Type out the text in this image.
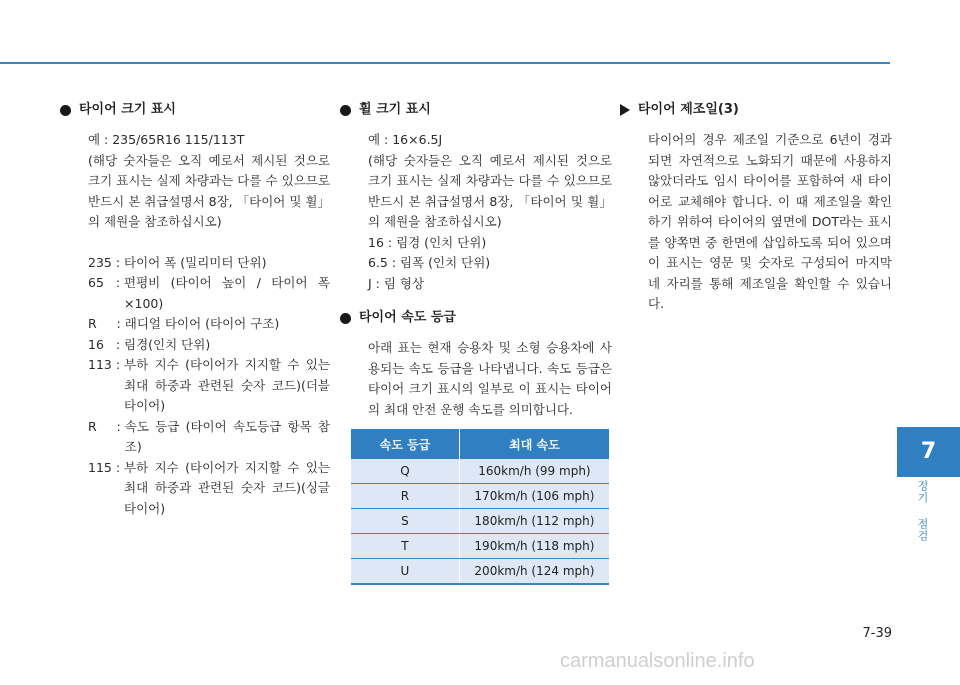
타이어 크기 표시

예 : 235/65R16 115/113T

(해당 숫자들은 오직 예로서 제시된 것으로 크기 표시는 실제 차량과는 다를 수 있으므로 반드시 본 취급설명서 8장, 「타이어 및 휠」의 제원을 참조하십시오)

235 : 타이어 폭 (밀리미터 단위)
65   : 편평비 (타이어 높이 / 타이어 폭×100)
R     : 래디얼 타이어 (타이어 구조)
16   : 림경(인치 단위)
113 : 부하 지수 (타이어가 지지할 수 있는 최대 하중과 관련된 숫자 코드)(더블 타이어)
R     : 속도 등급 (타이어 속도등급 항목 참조)
115 : 부하 지수 (타이어가 지지할 수 있는 최대 하중과 관련된 숫자 코드)(싱글 타이어)
휠 크기 표시

예 : 16×6.5J

(해당 숫자들은 오직 예로서 제시된 것으로 크기 표시는 실제 차량과는 다를 수 있으므로 반드시 본 취급설명서 8장, 「타이어 및 휠」의 제원을 참조하십시오)

16 : 림경 (인치 단위)

6.5 : 림폭 (인치 단위)

J : 림 형상

타이어 속도 등급

아래 표는 현재 승용차 및 소형 승용차에 사용되는 속도 등급을 나타냅니다. 속도 등급은 타이어 크기 표시의 일부로 이 표시는 타이어의 최대 안전 운행 속도를 의미합니다.

속도 등급	최대 속도
Q	160km/h (99 mph)
R	170km/h (106 mph)
S	180km/h (112 mph)
T	190km/h (118 mph)
U	200km/h (124 mph)
타이어 제조일(3)

타이어의 경우 제조일 기준으로 6년이 경과되면 자연적으로 노화되기 때문에 사용하지 않았더라도 임시 타이어를 포함하여 새 타이어로 교체해야 합니다. 이 때 제조일을 확인하기 위하여 타이어의 옆면에 DOT라는 표시를 양쪽면 중 한면에 삽입하도록 되어 있으며 이 표시는 영문 및 숫자로 구성되어 마지막 네 자리를 통해 제조일을 확인할 수 있습니다.

7
정기 점검
7-39
carmanualsonline.info
